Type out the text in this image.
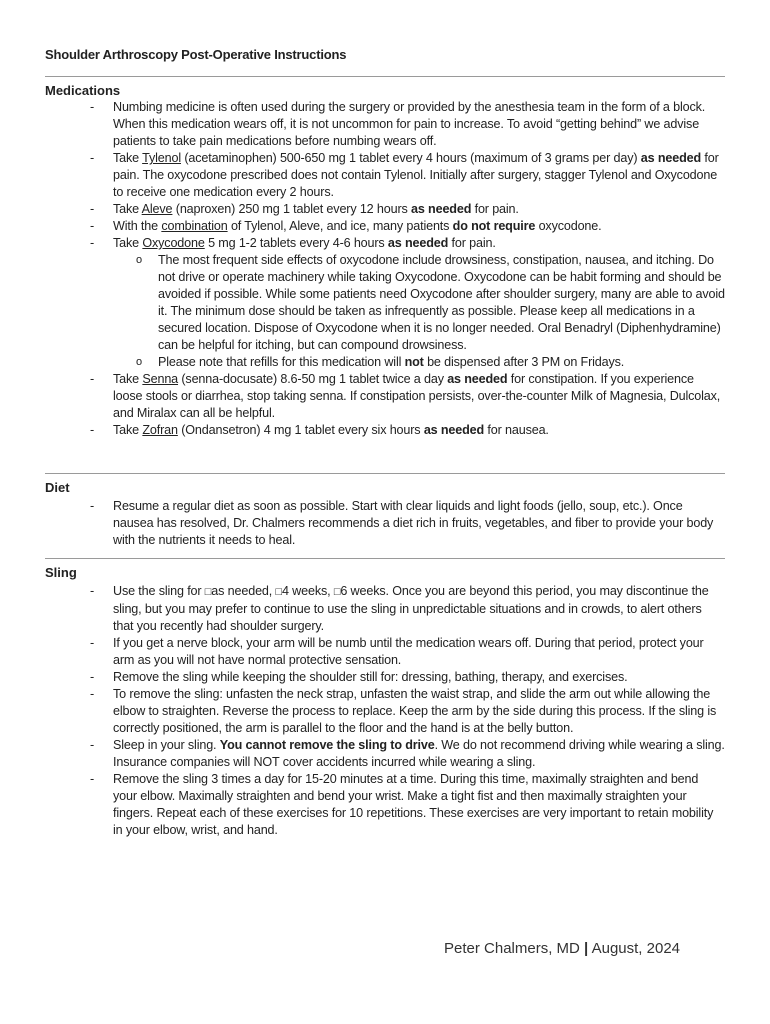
Shoulder Arthroscopy Post-Operative Instructions
Medications
- Numbing medicine is often used during the surgery or provided by the anesthesia team in the form of a block. When this medication wears off, it is not uncommon for pain to increase. To avoid “getting behind” we advise patients to take pain medications before numbing wears off.
- Take Tylenol (acetaminophen) 500-650 mg 1 tablet every 4 hours (maximum of 3 grams per day) as needed for pain. The oxycodone prescribed does not contain Tylenol. Initially after surgery, stagger Tylenol and Oxycodone to receive one medication every 2 hours.
- Take Aleve (naproxen) 250 mg 1 tablet every 12 hours as needed for pain.
- With the combination of Tylenol, Aleve, and ice, many patients do not require oxycodone.
- Take Oxycodone 5 mg 1-2 tablets every 4-6 hours as needed for pain.
o The most frequent side effects of oxycodone include drowsiness, constipation, nausea, and itching. Do not drive or operate machinery while taking Oxycodone. Oxycodone can be habit forming and should be avoided if possible. While some patients need Oxycodone after shoulder surgery, many are able to avoid it. The minimum dose should be taken as infrequently as possible. Please keep all medications in a secured location. Dispose of Oxycodone when it is no longer needed. Oral Benadryl (Diphenhydramine) can be helpful for itching, but can compound drowsiness.
o Please note that refills for this medication will not be dispensed after 3 PM on Fridays.
- Take Senna (senna-docusate) 8.6-50 mg 1 tablet twice a day as needed for constipation. If you experience loose stools or diarrhea, stop taking senna. If constipation persists, over-the-counter Milk of Magnesia, Dulcolax, and Miralax can all be helpful.
- Take Zofran (Ondansetron) 4 mg 1 tablet every six hours as needed for nausea.
Diet
- Resume a regular diet as soon as possible. Start with clear liquids and light foods (jello, soup, etc.). Once nausea has resolved, Dr. Chalmers recommends a diet rich in fruits, vegetables, and fiber to provide your body with the nutrients it needs to heal.
Sling
- Use the sling for □as needed, □4 weeks, □6 weeks. Once you are beyond this period, you may discontinue the sling, but you may prefer to continue to use the sling in unpredictable situations and in crowds, to alert others that you recently had shoulder surgery.
- If you get a nerve block, your arm will be numb until the medication wears off. During that period, protect your arm as you will not have normal protective sensation.
- Remove the sling while keeping the shoulder still for: dressing, bathing, therapy, and exercises.
- To remove the sling: unfasten the neck strap, unfasten the waist strap, and slide the arm out while allowing the elbow to straighten. Reverse the process to replace. Keep the arm by the side during this process. If the sling is correctly positioned, the arm is parallel to the floor and the hand is at the belly button.
- Sleep in your sling. You cannot remove the sling to drive. We do not recommend driving while wearing a sling. Insurance companies will NOT cover accidents incurred while wearing a sling.
- Remove the sling 3 times a day for 15-20 minutes at a time. During this time, maximally straighten and bend your elbow. Maximally straighten and bend your wrist. Make a tight fist and then maximally straighten your fingers. Repeat each of these exercises for 10 repetitions. These exercises are very important to retain mobility in your elbow, wrist, and hand.
Peter Chalmers, MD | August, 2024
